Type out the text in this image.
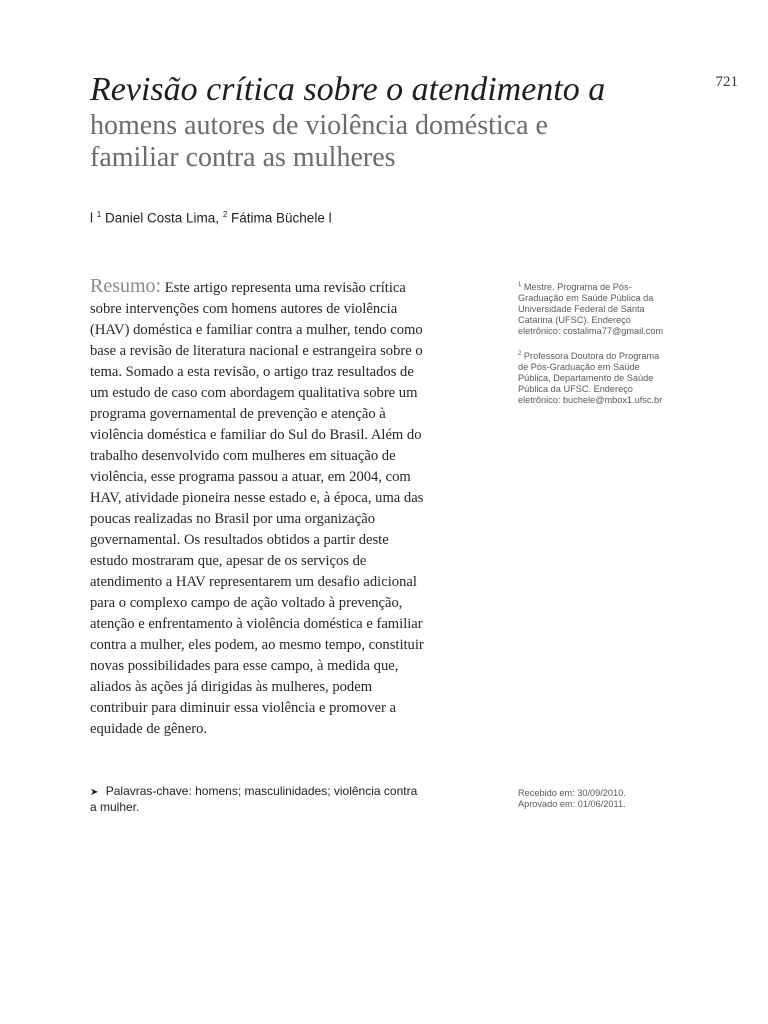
721

Revisão crítica sobre o atendimento a

homens autores de violência doméstica e

familiar contra as mulheres

l $^1$ Daniel Costa Lima, $^2$ Fátima Büchele l
Resumo: Este artigo representa uma revisão crítica sobre intervenções com homens autores de violência (HAV) doméstica e familiar contra a mulher, tendo como base a revisão de literatura nacional e estrangeira sobre o tema. Somado a esta revisão, o artigo traz resultados de um estudo de caso com abordagem qualitativa sobre um programa governamental de prevenção e atenção à violência doméstica e familiar do Sul do Brasil. Além do trabalho desenvolvido com mulheres em situação de violência, esse programa passou a atuar, em 2004, com HAV, atividade pioneira nesse estado e, à época, uma das poucas realizadas no Brasil por uma organização governamental. Os resultados obtidos a partir deste estudo mostraram que, apesar de os serviços de atendimento a HAV representarem um desafio adicional para o complexo campo de ação voltado à prevenção, atenção e enfrentamento à violência doméstica e familiar contra a mulher, eles podem, ao mesmo tempo, constituir novas possibilidades para esse campo, à medida que, aliados às ações já dirigidas às mulheres, podem contribuir para diminuir essa violência e promover a equidade de gênero.
➤ Palavras-chave: homens; masculinidades; violência contra a mulher.

$^1$ Mestre. Programa de Pós-Graduação em Saúde Pública da Universidade Federal de Santa Catarina (UFSC). Endereço eletrônico: costalima77@gmail.com

$^2$ Professora Doutora do Programa de Pós-Graduação em Saúde Pública, Departamento de Saúde Pública da UFSC. Endereço eletrônico: buchele@mbox1.ufsc.br

Recebido em: 30/09/2010.
Aprovado em: 01/06/2011.
